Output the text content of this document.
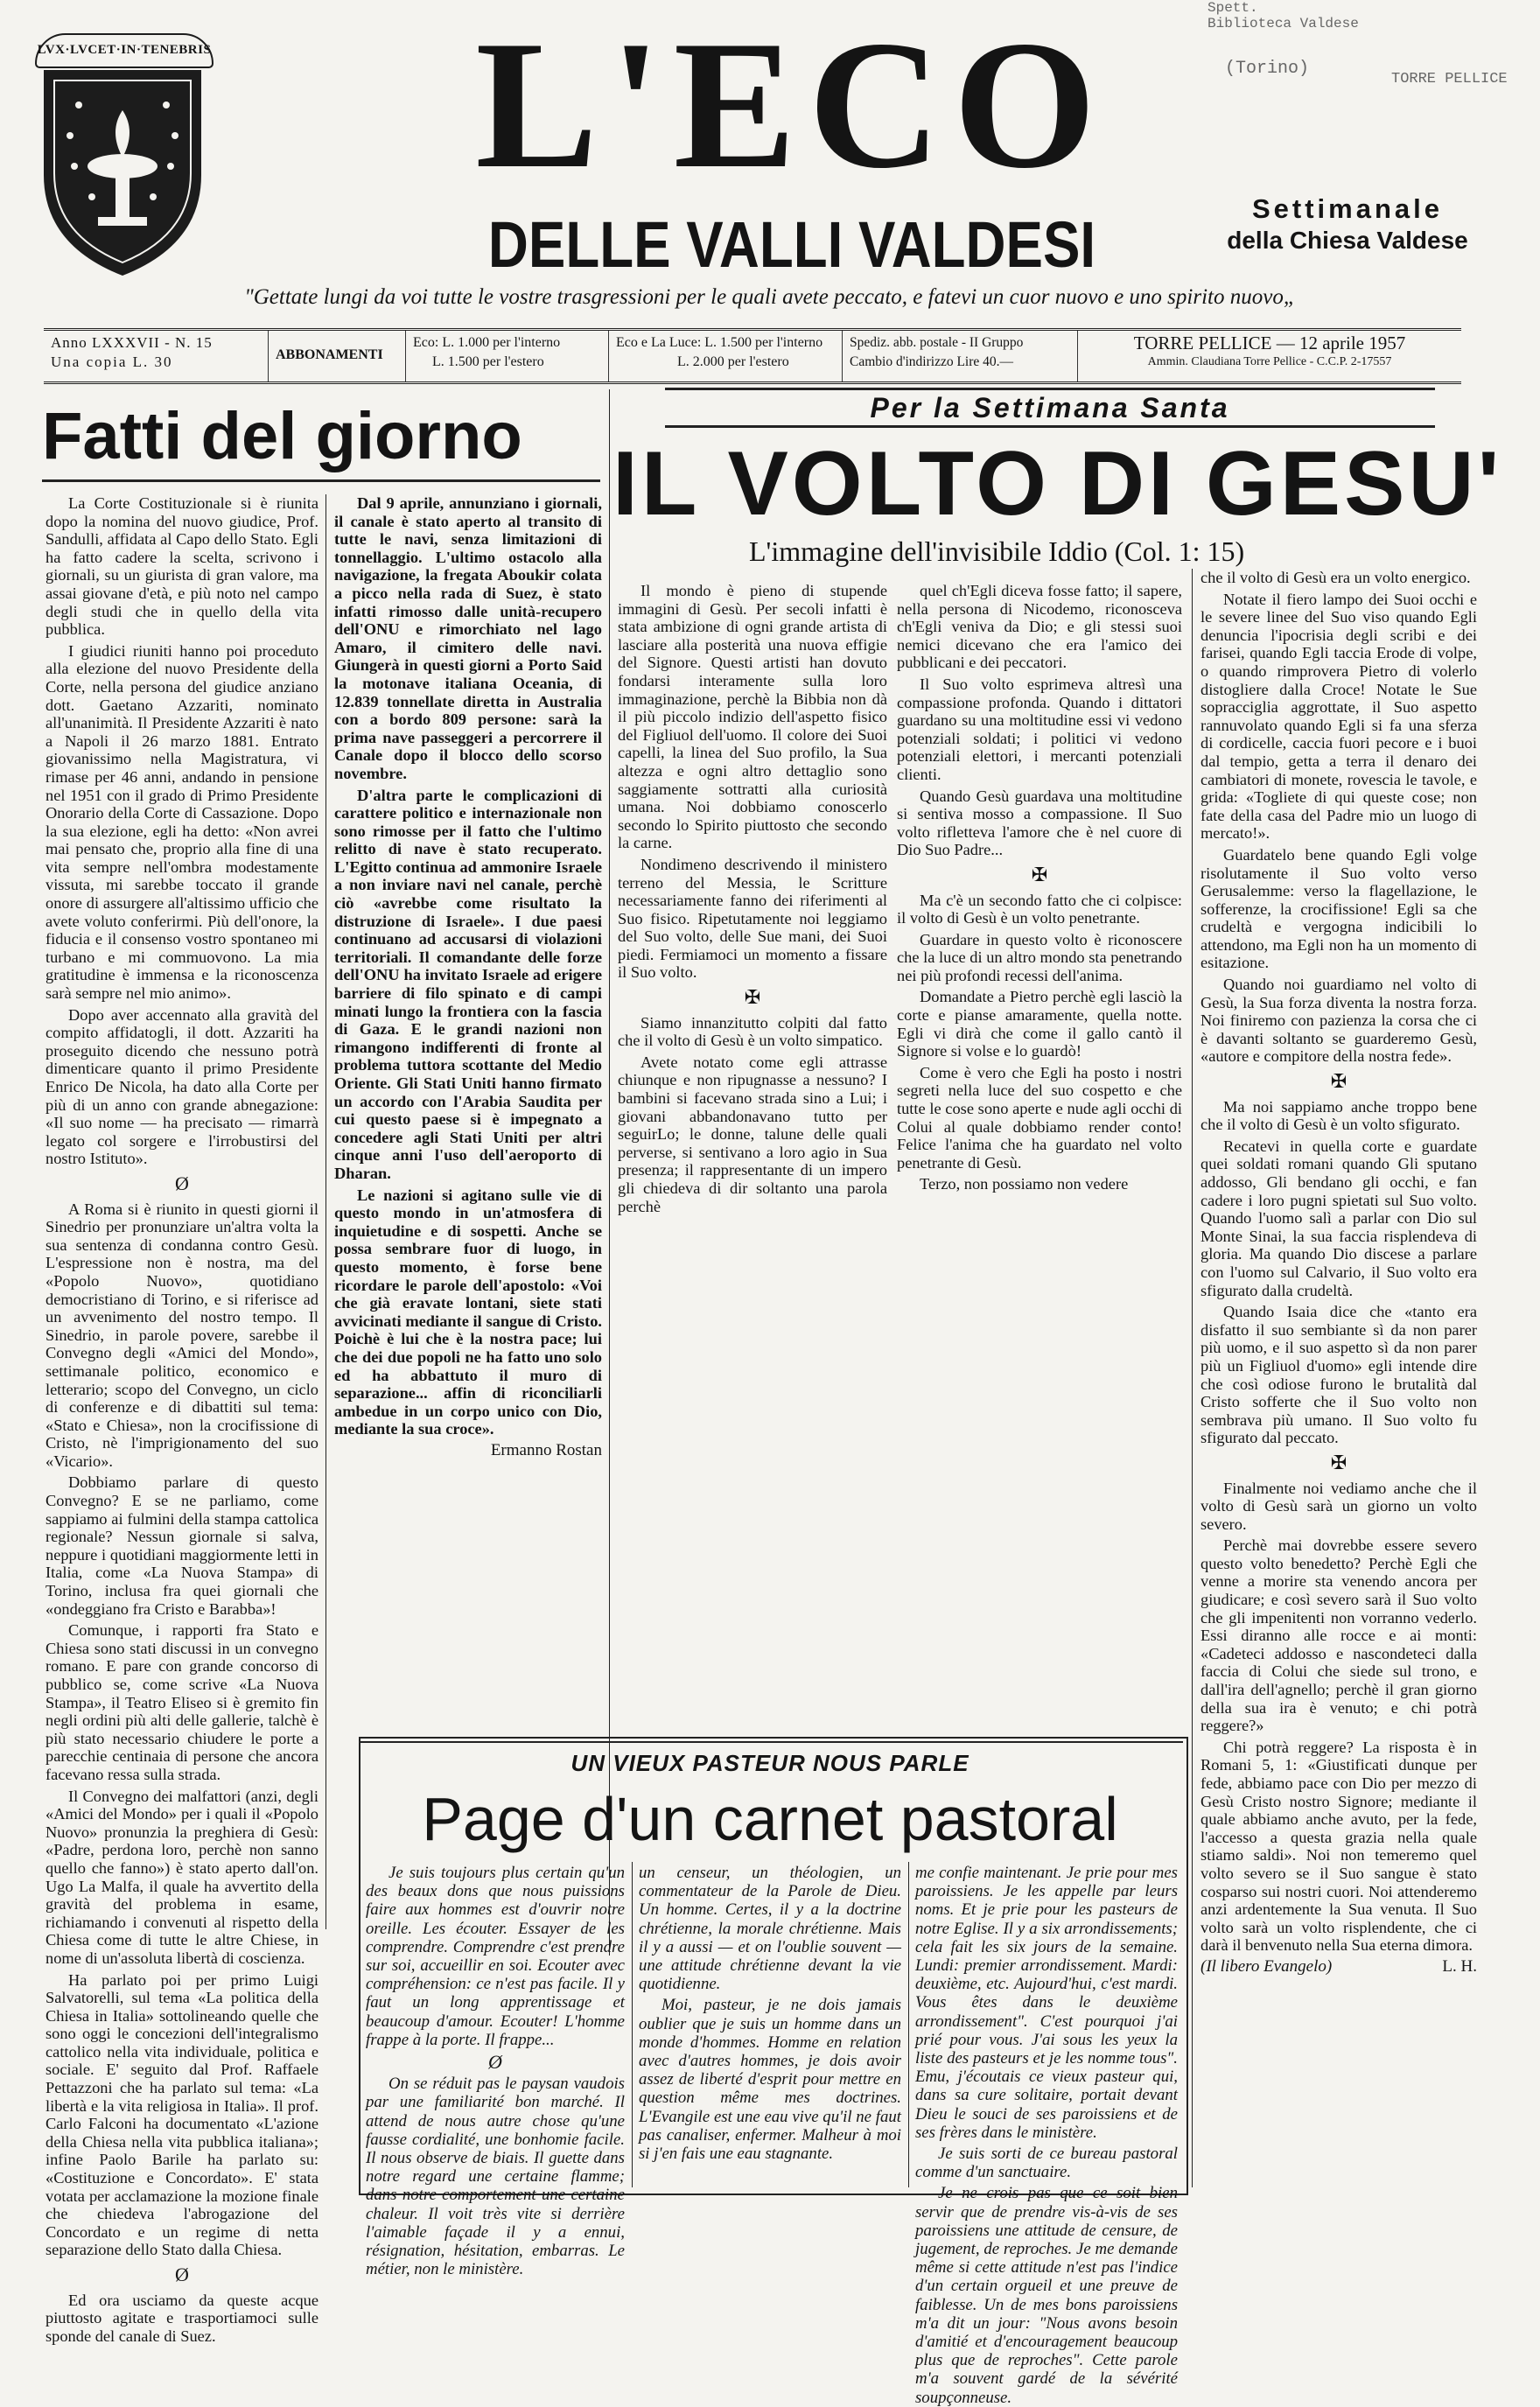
Spett.
Biblioteca Valdese
(Torino)
TORRE PELLICE
LVX·LVCET·IN·TENEBRIS	L'ECO
DELLE VALLI VALDESI	Settimanale
della Chiesa Valdese
"Gettate lungi da voi tutte le vostre trasgressioni per le quali avete peccato, e fatevi un cuor nuovo e uno spirito nuovo„
Anno LXXXVII - N. 15
Una copia L. 30	ABBONAMENTI
Eco: L. 1.000 per l'interno
L. 1.500 per l'estero
Eco e La Luce: L. 1.500 per l'interno
L. 2.000 per l'estero
Spediz. abb. postale - II Gruppo
Cambio d'indirizzo Lire 40.—
TORRE PELLICE — 12 aprile 1957
Ammin. Claudiana Torre Pellice - C.C.P. 2-17557
Fatti del giorno

La Corte Costituzionale si è riunita dopo la nomina del nuovo giudice, Prof. Sandulli, affidata al Capo dello Stato. Egli ha fatto cadere la scelta, scrivono i giornali, su un giurista di gran valore, ma assai giovane d'età, e più noto nel campo degli studi che in quello della vita pubblica.

I giudici riuniti hanno poi proceduto alla elezione del nuovo Presidente della Corte, nella persona del giudice anziano dott. Gaetano Azzariti, nominato all'unanimità. Il Presidente Azzariti è nato a Napoli il 26 marzo 1881. Entrato giovanissimo nella Magistratura, vi rimase per 46 anni, andando in pensione nel 1951 con il grado di Primo Presidente Onorario della Corte di Cassazione. Dopo la sua elezione, egli ha detto: «Non avrei mai pensato che, proprio alla fine di una vita sempre nell'ombra modestamente vissuta, mi sarebbe toccato il grande onore di assurgere all'altissimo ufficio che avete voluto conferirmi. Più dell'onore, la fiducia e il consenso vostro spontaneo mi turbano e mi commuovono. La mia gratitudine è immensa e la riconoscenza sarà sempre nel mio animo».

Dopo aver accennato alla gravità del compito affidatogli, il dott. Azzariti ha proseguito dicendo che nessuno potrà dimenticare quanto il primo Presidente Enrico De Nicola, ha dato alla Corte per più di un anno con grande abnegazione: «Il suo nome — ha precisato — rimarrà legato col sorgere e l'irrobustirsi del nostro Istituto».

Ø

A Roma si è riunito in questi giorni il Sinedrio per pronunziare un'altra volta la sua sentenza di condanna contro Gesù. L'espressione non è nostra, ma del «Popolo Nuovo», quotidiano democristiano di Torino, e si riferisce ad un avvenimento del nostro tempo. Il Sinedrio, in parole povere, sarebbe il Convegno degli «Amici del Mondo», settimanale politico, economico e letterario; scopo del Convegno, un ciclo di conferenze e di dibattiti sul tema: «Stato e Chiesa», non la crocifissione di Cristo, nè l'imprigionamento del suo «Vicario».

Dobbiamo parlare di questo Convegno? E se ne parliamo, come sappiamo ai fulmini della stampa cattolica regionale? Nessun giornale si salva, neppure i quotidiani maggiormente letti in Italia, come «La Nuova Stampa» di Torino, inclusa fra quei giornali che «ondeggiano fra Cristo e Barabba»!

Comunque, i rapporti fra Stato e Chiesa sono stati discussi in un convegno romano. E pare con grande concorso di pubblico se, come scrive «La Nuova Stampa», il Teatro Eliseo si è gremito fin negli ordini più alti delle gallerie, talchè è più stato necessario chiudere le porte a parecchie centinaia di persone che ancora facevano ressa sulla strada.

Il Convegno dei malfattori (anzi, degli «Amici del Mondo» per i quali il «Popolo Nuovo» pronunzia la preghiera di Gesù: «Padre, perdona loro, perchè non sanno quello che fanno») è stato aperto dall'on. Ugo La Malfa, il quale ha avvertito della gravità del problema in esame, richiamando i convenuti al rispetto della Chiesa come di tutte le altre Chiese, in nome di un'assoluta libertà di coscienza.

Ha parlato poi per primo Luigi Salvatorelli, sul tema «La politica della Chiesa in Italia» sottolineando quelle che sono oggi le concezioni dell'integralismo cattolico nella vita individuale, politica e sociale. E' seguito dal Prof. Raffaele Pettazzoni che ha parlato sul tema: «La libertà e la vita religiosa in Italia». Il prof. Carlo Falconi ha documentato «L'azione della Chiesa nella vita pubblica italiana»; infine Paolo Barile ha parlato su: «Costituzione e Concordato». E' stata votata per acclamazione la mozione finale che chiedeva l'abrogazione del Concordato e un regime di netta separazione dello Stato dalla Chiesa.

Ø

Ed ora usciamo da queste acque piuttosto agitate e trasportiamoci sulle sponde del canale di Suez.

Dal 9 aprile, annunziano i giornali, il canale è stato aperto al transito di tutte le navi, senza limitazioni di tonnellaggio. L'ultimo ostacolo alla navigazione, la fregata Aboukir colata a picco nella rada di Suez, è stato infatti rimosso dalle unità-recupero dell'ONU e rimorchiato nel lago Amaro, il cimitero delle navi. Giungerà in questi giorni a Porto Said la motonave italiana Oceania, di 12.839 tonnellate diretta in Australia con a bordo 809 persone: sarà la prima nave passeggeri a percorrere il Canale dopo il blocco dello scorso novembre.

D'altra parte le complicazioni di carattere politico e internazionale non sono rimosse per il fatto che l'ultimo relitto di nave è stato recuperato. L'Egitto continua ad ammonire Israele a non inviare navi nel canale, perchè ciò «avrebbe come risultato la distruzione di Israele». I due paesi continuano ad accusarsi di violazioni territoriali. Il comandante delle forze dell'ONU ha invitato Israele ad erigere barriere di filo spinato e di campi minati lungo la frontiera con la fascia di Gaza. E le grandi nazioni non rimangono indifferenti di fronte al problema tuttora scottante del Medio Oriente. Gli Stati Uniti hanno firmato un accordo con l'Arabia Saudita per cui questo paese si è impegnato a concedere agli Stati Uniti per altri cinque anni l'uso dell'aeroporto di Dharan.

Le nazioni si agitano sulle vie di questo mondo in un'atmosfera di inquietudine e di sospetti. Anche se possa sembrare fuor di luogo, in questo momento, è forse bene ricordare le parole dell'apostolo: «Voi che già eravate lontani, siete stati avvicinati mediante il sangue di Cristo. Poichè è lui che è la nostra pace; lui che dei due popoli ne ha fatto uno solo ed ha abbattuto il muro di separazione... affin di riconciliarli ambedue in un corpo unico con Dio, mediante la sua croce».

Ermanno Rostan
Per la Settimana Santa
IL VOLTO DI GESU'
L'immagine dell'invisibile Iddio (Col. 1: 15)

Il mondo è pieno di stupende immagini di Gesù. Per secoli infatti è stata ambizione di ogni grande artista di lasciare alla posterità una nuova effigie del Signore. Questi artisti han dovuto fondarsi interamente sulla loro immaginazione, perchè la Bibbia non dà il più piccolo indizio dell'aspetto fisico del Figliuol dell'uomo. Il colore dei Suoi capelli, la linea del Suo profilo, la Sua altezza e ogni altro dettaglio sono saggiamente sottratti alla curiosità umana. Noi dobbiamo conoscerlo secondo lo Spirito piuttosto che secondo la carne.

Nondimeno descrivendo il ministero terreno del Messia, le Scritture necessariamente fanno dei riferimenti al Suo fisico. Ripetutamente noi leggiamo del Suo volto, delle Sue mani, dei Suoi piedi. Fermiamoci un momento a fissare il Suo volto.

✠

Siamo innanzitutto colpiti dal fatto che il volto di Gesù è un volto simpatico.

Avete notato come egli attrasse chiunque e non ripugnasse a nessuno? I bambini si facevano strada sino a Lui; i giovani abbandonavano tutto per seguirLo; le donne, talune delle quali perverse, si sentivano a loro agio in Sua presenza; il rappresentante di un impero gli chiedeva di dir soltanto una parola perchè

quel ch'Egli diceva fosse fatto; il sapere, nella persona di Nicodemo, riconosceva ch'Egli veniva da Dio; e gli stessi suoi nemici dicevano che era l'amico dei pubblicani e dei peccatori.

Il Suo volto esprimeva altresì una compassione profonda. Quando i dittatori guardano su una moltitudine essi vi vedono potenziali soldati; i politici vi vedono potenziali elettori, i mercanti potenziali clienti.

Quando Gesù guardava una moltitudine si sentiva mosso a compassione. Il Suo volto rifletteva l'amore che è nel cuore di Dio Suo Padre...

✠

Ma c'è un secondo fatto che ci colpisce: il volto di Gesù è un volto penetrante.

Guardare in questo volto è riconoscere che la luce di un altro mondo sta penetrando nei più profondi recessi dell'anima.

Domandate a Pietro perchè egli lasciò la corte e pianse amaramente, quella notte. Egli vi dirà che come il gallo cantò il Signore si volse e lo guardò!

Come è vero che Egli ha posto i nostri segreti nella luce del suo cospetto e che tutte le cose sono aperte e nude agli occhi di Colui al quale dobbiamo render conto! Felice l'anima che ha guardato nel volto penetrante di Gesù.

Terzo, non possiamo non vedere

che il volto di Gesù era un volto energico.

Notate il fiero lampo dei Suoi occhi e le severe linee del Suo viso quando Egli denuncia l'ipocrisia degli scribi e dei farisei, quando Egli taccia Erode di volpe, o quando rimprovera Pietro di volerlo distogliere dalla Croce! Notate le Sue sopracciglia aggrottate, il Suo aspetto rannuvolato quando Egli si fa una sferza di cordicelle, caccia fuori pecore e i buoi dal tempio, getta a terra il denaro dei cambiatori di monete, rovescia le tavole, e grida: «Togliete di qui queste cose; non fate della casa del Padre mio un luogo di mercato!».

Guardatelo bene quando Egli volge risolutamente il Suo volto verso Gerusalemme: verso la flagellazione, le sofferenze, la crocifissione! Egli sa che crudeltà e vergogna indicibili lo attendono, ma Egli non ha un momento di esitazione.

Quando noi guardiamo nel volto di Gesù, la Sua forza diventa la nostra forza. Noi finiremo con pazienza la corsa che ci è davanti soltanto se guarderemo Gesù, «autore e compitore della nostra fede».

✠

Ma noi sappiamo anche troppo bene che il volto di Gesù è un volto sfigurato.

Recatevi in quella corte e guardate quei soldati romani quando Gli sputano addosso, Gli bendano gli occhi, e fan cadere i loro pugni spietati sul Suo volto. Quando l'uomo salì a parlar con Dio sul Monte Sinai, la sua faccia risplendeva di gloria. Ma quando Dio discese a parlare con l'uomo sul Calvario, il Suo volto era sfigurato dalla crudeltà.

Quando Isaia dice che «tanto era disfatto il suo sembiante sì da non parer più uomo, e il suo aspetto sì da non parer più un Figliuol d'uomo» egli intende dire che così odiose furono le brutalità dal Cristo sofferte che il Suo volto non sembrava più umano. Il Suo volto fu sfigurato dal peccato.

✠

Finalmente noi vediamo anche che il volto di Gesù sarà un giorno un volto severo.

Perchè mai dovrebbe essere severo questo volto benedetto? Perchè Egli che venne a morire sta venendo ancora per giudicare; e così severo sarà il Suo volto che gli impenitenti non vorranno vederlo. Essi diranno alle rocce e ai monti: «Cadeteci addosso e nascondeteci dalla faccia di Colui che siede sul trono, e dall'ira dell'agnello; perchè il gran giorno della sua ira è venuto; e chi potrà reggere?»

Chi potrà reggere? La risposta è in Romani 5, 1: «Giustificati dunque per fede, abbiamo pace con Dio per mezzo di Gesù Cristo nostro Signore; mediante il quale abbiamo anche avuto, per la fede, l'accesso a questa grazia nella quale stiamo saldi». Noi non temeremo quel volto severo se il Suo sangue è stato cosparso sui nostri cuori. Noi attenderemo anzi ardentemente la Sua venuta. Il Suo volto sarà un volto risplendente, che ci darà il benvenuto nella Sua eterna dimora.

(Il libero Evangelo)	L. H.
UN VIEUX PASTEUR NOUS PARLE
Page d'un carnet pastoral

Je suis toujours plus certain qu'un des beaux dons que nous puissions faire aux hommes est d'ouvrir notre oreille. Les écouter. Essayer de les comprendre. Comprendre c'est prendre sur soi, accueillir en soi. Ecouter avec compréhension: ce n'est pas facile. Il y faut un long apprentissage et beaucoup d'amour. Ecouter! L'homme frappe à la porte. Il frappe...

Ø

On se réduit pas le paysan vaudois par une familiarité bon marché. Il attend de nous autre chose qu'une fausse cordialité, une bonhomie facile. Il nous observe de biais. Il guette dans notre regard une certaine flamme; dans notre comportement une certaine chaleur. Il voit très vite si derrière l'aimable façade il y a ennui, résignation, hésitation, embarras. Le métier, non le ministère.

un censeur, un théologien, un commentateur de la Parole de Dieu. Un homme. Certes, il y a la doctrine chrétienne, la morale chrétienne. Mais il y a aussi — et on l'oublie souvent — une attitude chrétienne devant la vie quotidienne.

Moi, pasteur, je ne dois jamais oublier que je suis un homme dans un monde d'hommes. Homme en relation avec d'autres hommes, je dois avoir assez de liberté d'esprit pour mettre en question même mes doctrines. L'Evangile est une eau vive qu'il ne faut pas canaliser, enfermer. Malheur à moi si j'en fais une eau stagnante.

me confie maintenant. Je prie pour mes paroissiens. Je les appelle par leurs noms. Et je prie pour les pasteurs de notre Eglise. Il y a six arrondissements; cela fait les six jours de la semaine. Lundi: premier arrondissement. Mardi: deuxième, etc. Aujourd'hui, c'est mardi. Vous êtes dans le deuxième arrondissement". C'est pourquoi j'ai prié pour vous. J'ai sous les yeux la liste des pasteurs et je les nomme tous". Emu, j'écoutais ce vieux pasteur qui, dans sa cure solitaire, portait devant Dieu le souci de ses paroissiens et de ses frères dans le ministère.

Je suis sorti de ce bureau pastoral comme d'un sanctuaire.

Je ne crois pas que ce soit bien servir que de prendre vis-à-vis de ses paroissiens une attitude de censure, de jugement, de reproches. Je me demande même si cette attitude n'est pas l'indice d'un certain orgueil et une preuve de faiblesse. Un de mes bons paroissiens m'a dit un jour: "Nous avons besoin d'amitié et d'encouragement beaucoup plus que de reproches". Cette parole m'a souvent gardé de la sévérité soupçonneuse.
